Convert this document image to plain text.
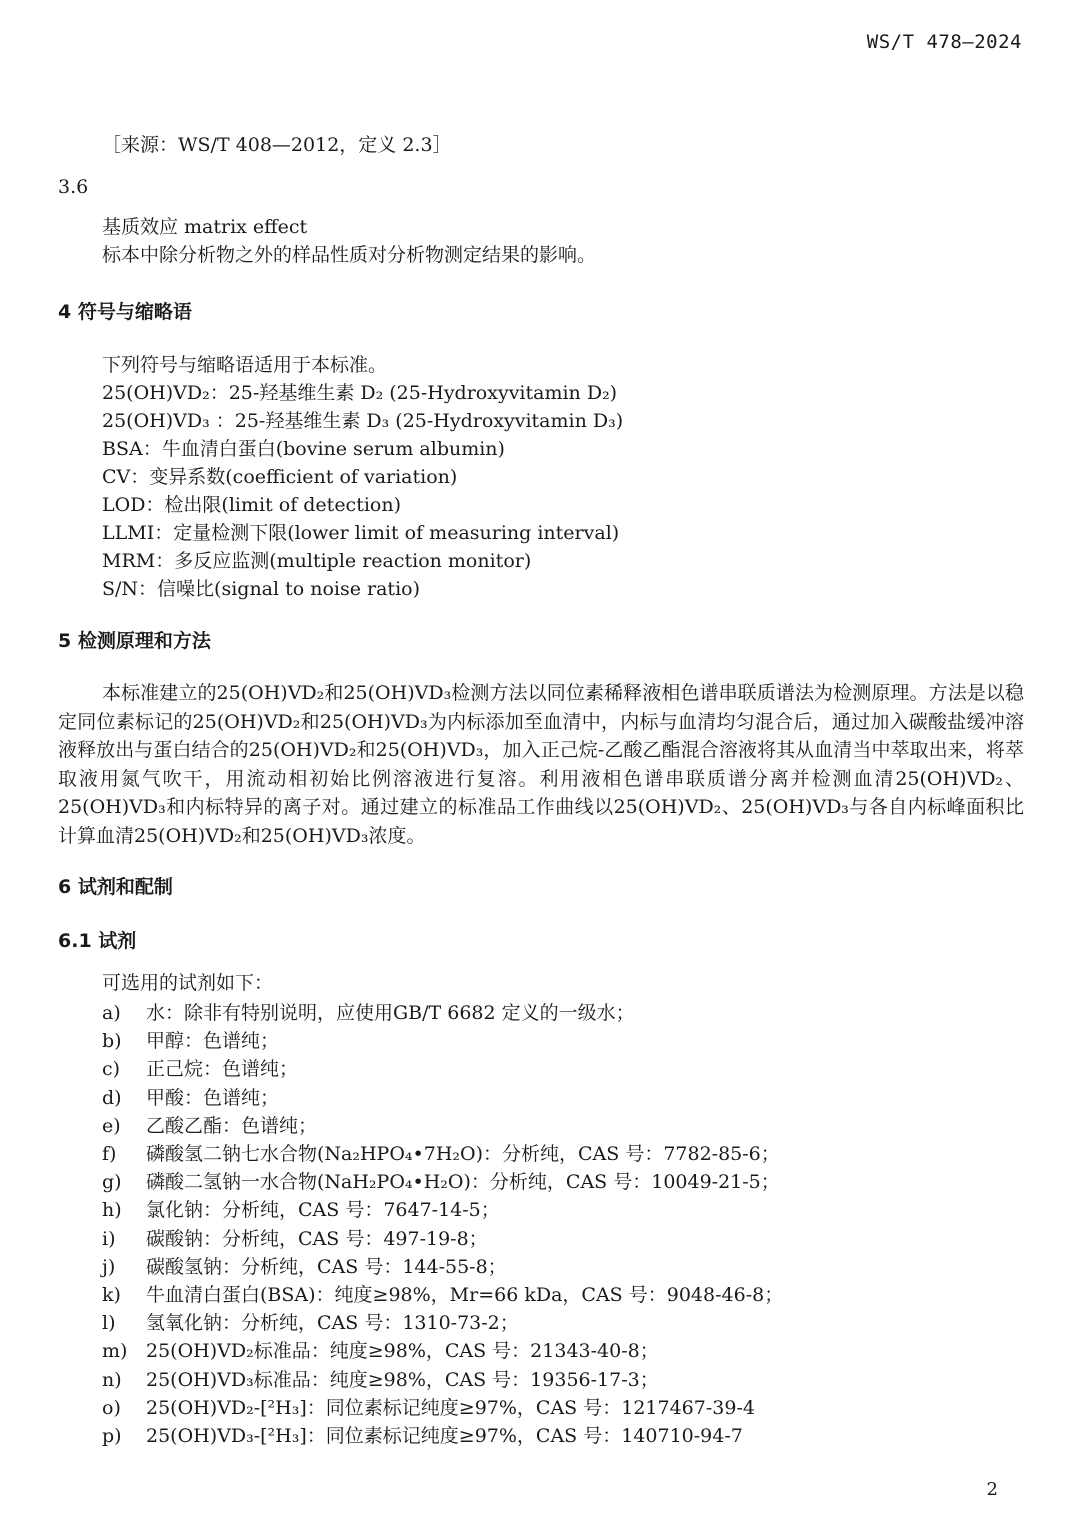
WS/T 478—2024
［来源：WS/T 408—2012，定义 2.3］
3.6
基质效应 matrix effect
标本中除分析物之外的样品性质对分析物测定结果的影响。
4 符号与缩略语
下列符号与缩略语适用于本标准。
25(OH)VD₂：25-羟基维生素 D₂ (25-Hydroxyvitamin D₂)
25(OH)VD₃ ：25-羟基维生素 D₃ (25-Hydroxyvitamin D₃)
BSA：牛血清白蛋白(bovine serum albumin)
CV：变异系数(coefficient of variation)
LOD：检出限(limit of detection)
LLMI：定量检测下限(lower limit of measuring interval)
MRM：多反应监测(multiple reaction monitor)
S/N：信噪比(signal to noise ratio)
5 检测原理和方法
本标准建立的25(OH)VD₂和25(OH)VD₃检测方法以同位素稀释液相色谱串联质谱法为检测原理。方法是以稳定同位素标记的25(OH)VD₂和25(OH)VD₃为内标添加至血清中，内标与血清均匀混合后，通过加入碳酸盐缓冲溶液释放出与蛋白结合的25(OH)VD₂和25(OH)VD₃，加入正己烷-乙酸乙酯混合溶液将其从血清当中萃取出来，将萃取液用氮气吹干，用流动相初始比例溶液进行复溶。利用液相色谱串联质谱分离并检测血清25(OH)VD₂、25(OH)VD₃和内标特异的离子对。通过建立的标准品工作曲线以25(OH)VD₂、25(OH)VD₃与各自内标峰面积比计算血清25(OH)VD₂和25(OH)VD₃浓度。
6 试剂和配制
6.1 试剂
可选用的试剂如下：
a) 水：除非有特别说明，应使用GB/T 6682 定义的一级水；
b) 甲醇：色谱纯；
c) 正己烷：色谱纯；
d) 甲酸：色谱纯；
e) 乙酸乙酯：色谱纯；
f) 磷酸氢二钠七水合物(Na₂HPO₄•7H₂O)：分析纯，CAS 号：7782-85-6；
g) 磷酸二氢钠一水合物(NaH₂PO₄•H₂O)：分析纯，CAS 号：10049-21-5；
h) 氯化钠：分析纯，CAS 号：7647-14-5；
i) 碳酸钠：分析纯，CAS 号：497-19-8；
j) 碳酸氢钠：分析纯，CAS 号：144-55-8；
k) 牛血清白蛋白(BSA)：纯度≥98%，Mr=66 kDa，CAS 号：9048-46-8；
l) 氢氧化钠：分析纯，CAS 号：1310-73-2；
m) 25(OH)VD₂标准品：纯度≥98%，CAS 号：21343-40-8；
n) 25(OH)VD₃标准品：纯度≥98%，CAS 号：19356-17-3；
o) 25(OH)VD₂-[²H₃]：同位素标记纯度≥97%，CAS 号：1217467-39-4
p) 25(OH)VD₃-[²H₃]：同位素标记纯度≥97%，CAS 号：140710-94-7
2
